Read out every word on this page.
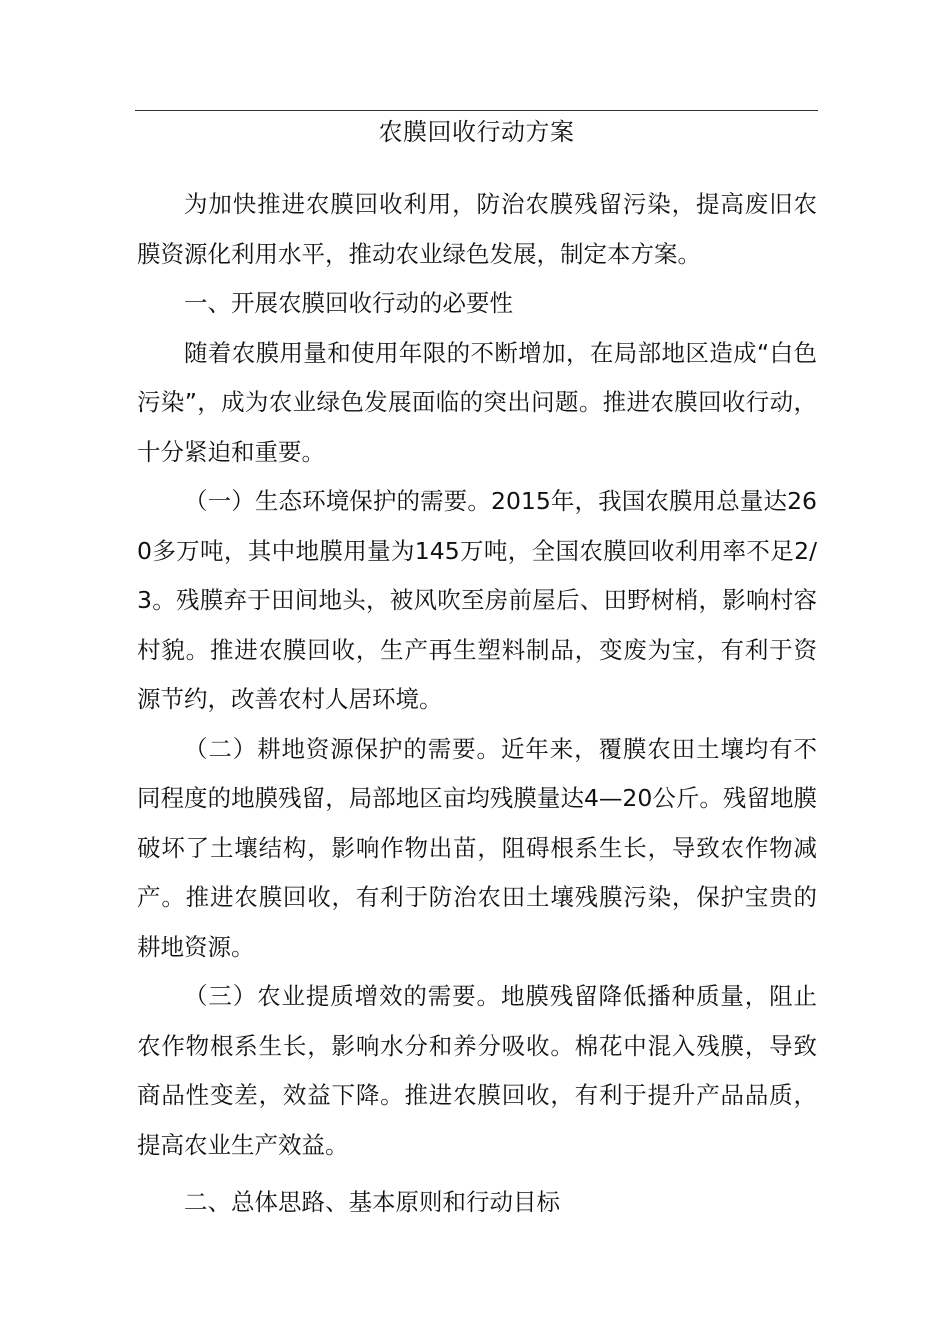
农膜回收行动方案

为加快推进农膜回收利用，防治农膜残留污染，提高废旧农膜资源化利用水平，推动农业绿色发展，制定本方案。

一、开展农膜回收行动的必要性

随着农膜用量和使用年限的不断增加，在局部地区造成“白色污染”，成为农业绿色发展面临的突出问题。推进农膜回收行动，十分紧迫和重要。

（一）生态环境保护的需要。2015年，我国农膜用总量达260多万吨，其中地膜用量为145万吨，全国农膜回收利用率不足2/3。残膜弃于田间地头，被风吹至房前屋后、田野树梢，影响村容村貌。推进农膜回收，生产再生塑料制品，变废为宝，有利于资源节约，改善农村人居环境。

（二）耕地资源保护的需要。近年来，覆膜农田土壤均有不同程度的地膜残留，局部地区亩均残膜量达4—20公斤。残留地膜破坏了土壤结构，影响作物出苗，阻碍根系生长，导致农作物减产。推进农膜回收，有利于防治农田土壤残膜污染，保护宝贵的耕地资源。

（三）农业提质增效的需要。地膜残留降低播种质量，阻止农作物根系生长，影响水分和养分吸收。棉花中混入残膜，导致商品性变差，效益下降。推进农膜回收，有利于提升产品品质，提高农业生产效益。

二、总体思路、基本原则和行动目标
